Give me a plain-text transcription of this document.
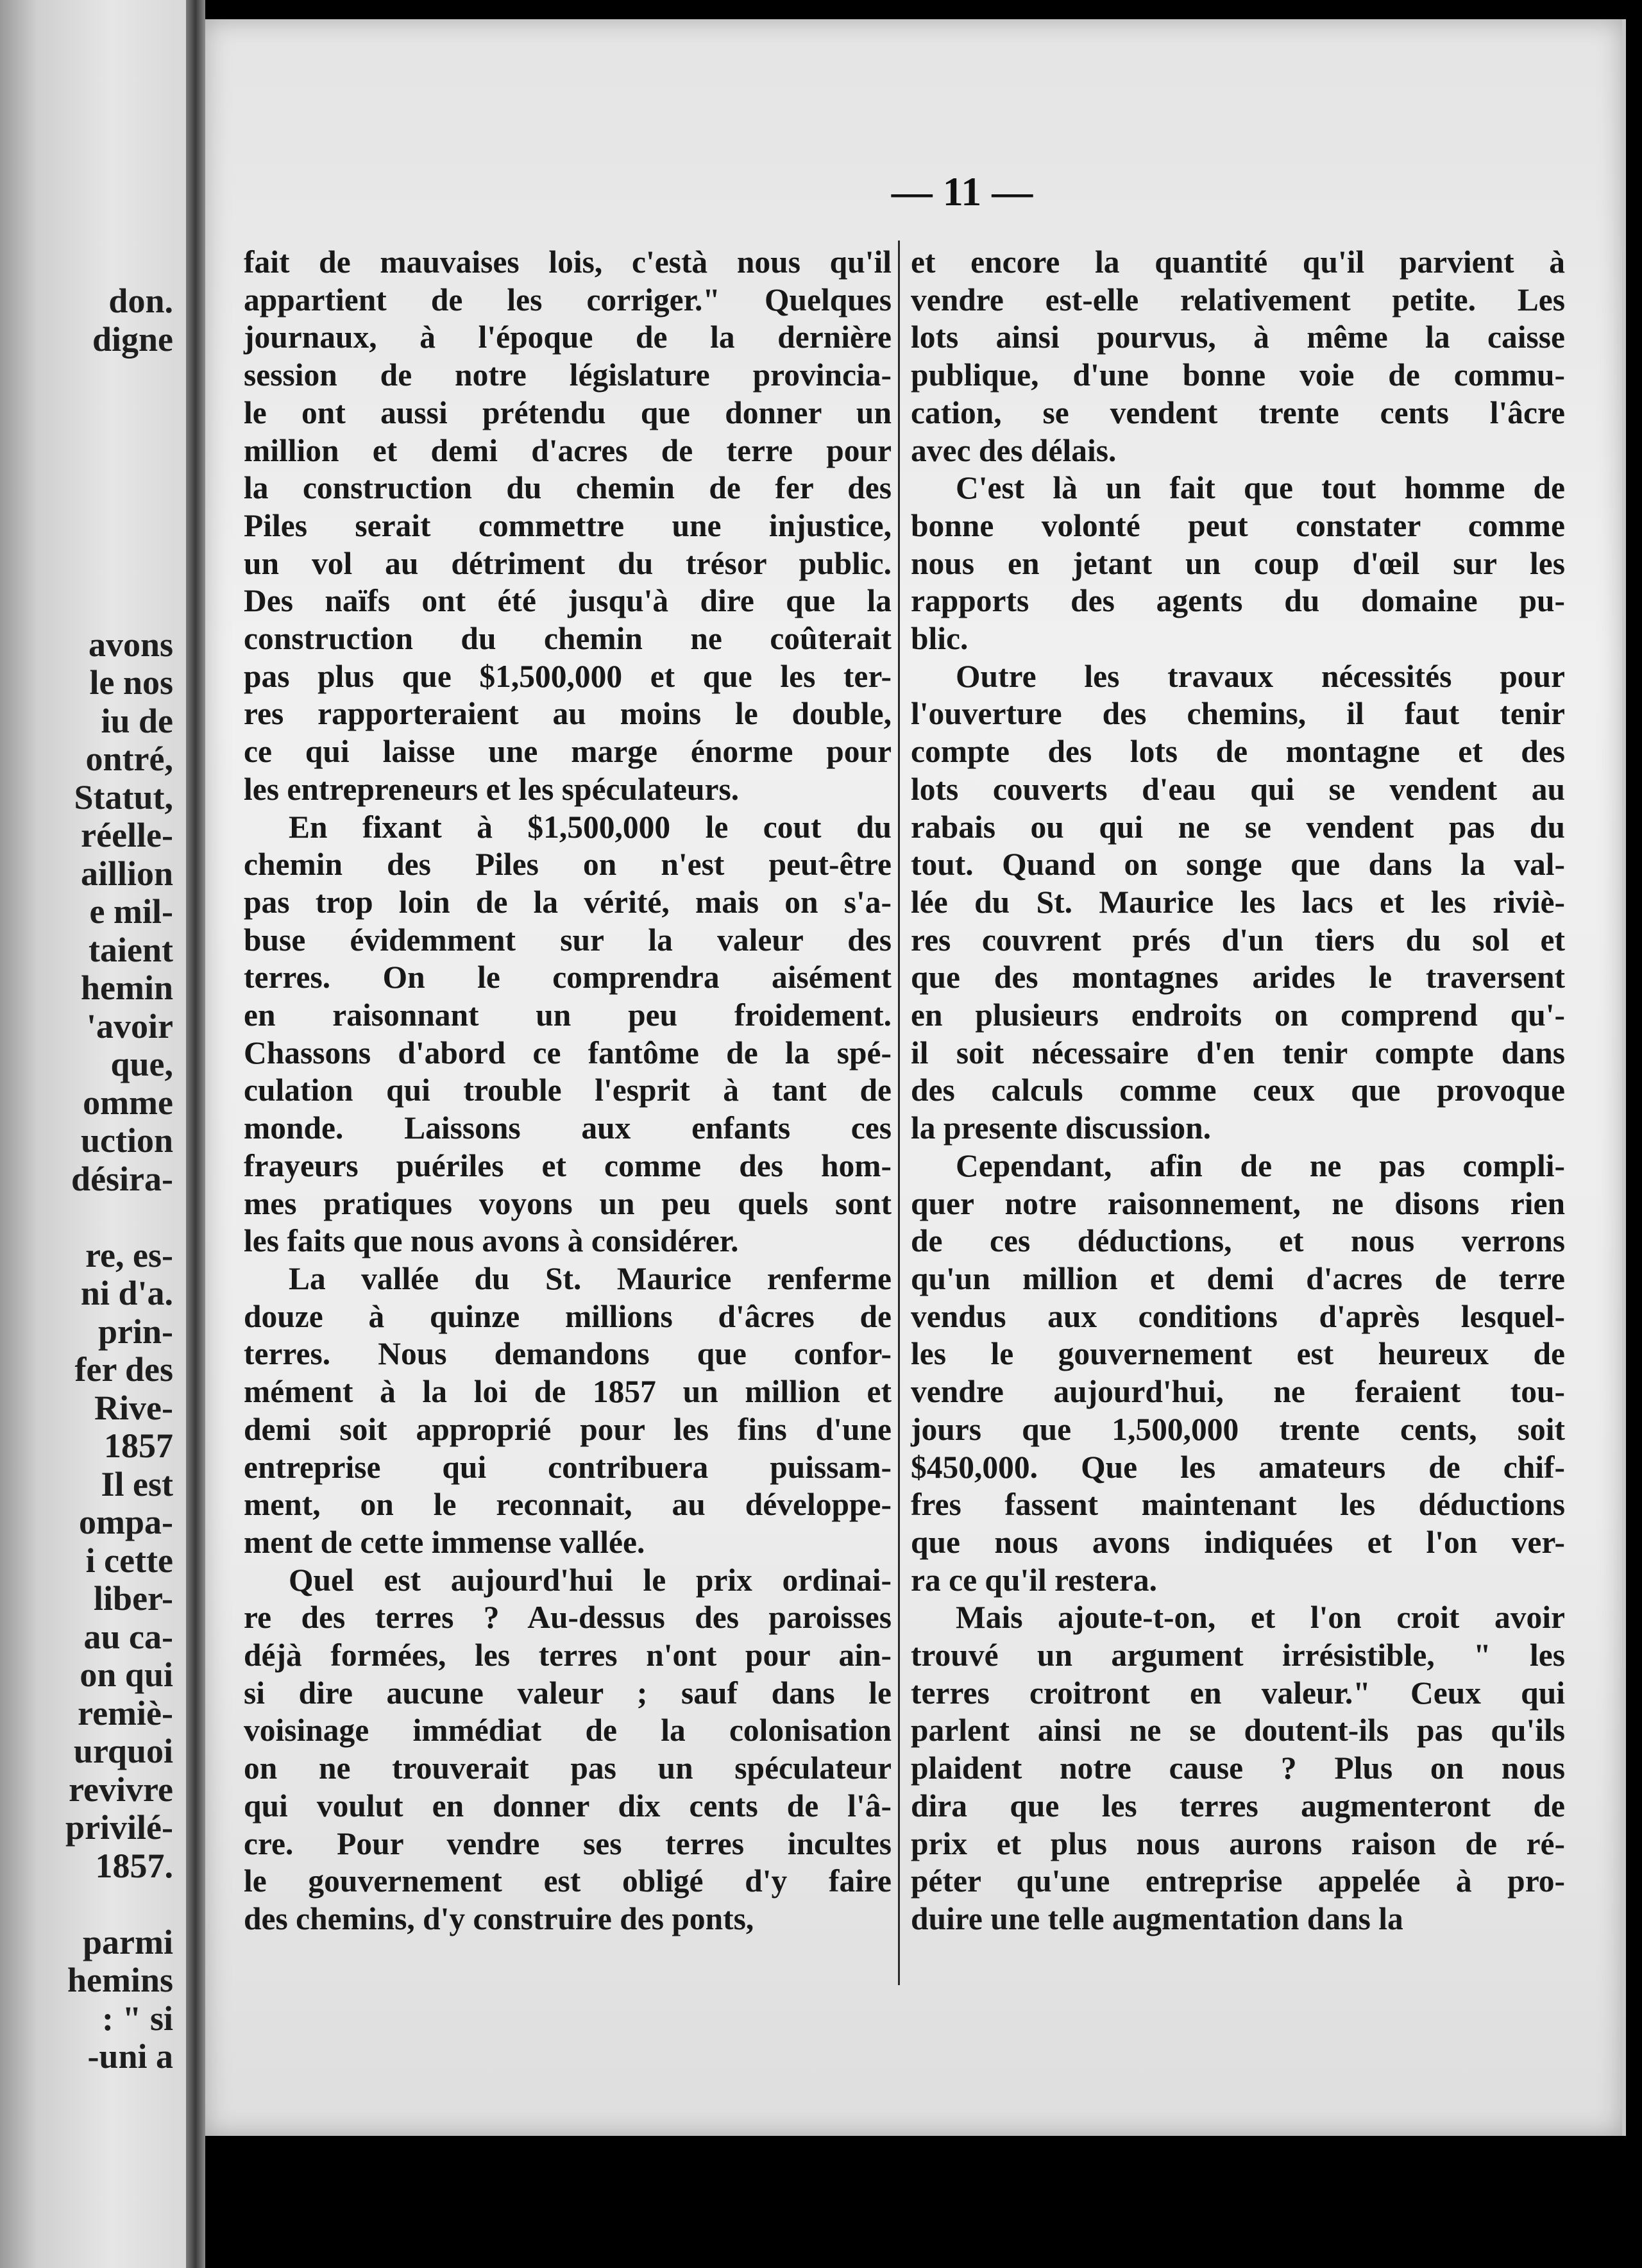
don.
digne

avons
le nos
iu de
ontré,
Statut,
réelle-
aillion
e mil-
taient
hemin
'avoir
que,
omme
uction
désira-

re, es-
ni d'a.
prin-
fer des
Rive-
1857
Il est
ompa-
i cette
liber-
au ca-
on qui
remiè-
urquoi
revivre
privilé-
1857.

parmi
hemins
: " si
-uni a
— 11 —

fait de mauvaises lois, c'està nous qu'il
appartient de les corriger." Quelques
journaux, à l'époque de la dernière
session de notre législature provincia-
le ont aussi prétendu que donner un
million et demi d'acres de terre pour
la construction du chemin de fer des
Piles serait commettre une injustice,
un vol au détriment du trésor public.
Des naïfs ont été jusqu'à dire que la
construction du chemin ne coûterait
pas plus que $1,500,000 et que les ter-
res rapporteraient au moins le double,
ce qui laisse une marge énorme pour
les entrepreneurs et les spéculateurs.

En fixant à $1,500,000 le cout du
chemin des Piles on n'est peut-être
pas trop loin de la vérité, mais on s'a-
buse évidemment sur la valeur des
terres. On le comprendra aisément
en raisonnant un peu froidement.
Chassons d'abord ce fantôme de la spé-
culation qui trouble l'esprit à tant de
monde. Laissons aux enfants ces
frayeurs puériles et comme des hom-
mes pratiques voyons un peu quels sont
les faits que nous avons à considérer.

La vallée du St. Maurice renferme
douze à quinze millions d'âcres de
terres. Nous demandons que confor-
mément à la loi de 1857 un million et
demi soit approprié pour les fins d'une
entreprise qui contribuera puissam-
ment, on le reconnait, au développe-
ment de cette immense vallée.

Quel est aujourd'hui le prix ordinai-
re des terres ? Au-dessus des paroisses
déjà formées, les terres n'ont pour ain-
si dire aucune valeur ; sauf dans le
voisinage immédiat de la colonisation
on ne trouverait pas un spéculateur
qui voulut en donner dix cents de l'â-
cre. Pour vendre ses terres incultes
le gouvernement est obligé d'y faire
des chemins, d'y construire des ponts,

et encore la quantité qu'il parvient à
vendre est-elle relativement petite. Les
lots ainsi pourvus, à même la caisse
publique, d'une bonne voie de commu-
cation, se vendent trente cents l'âcre
avec des délais.

C'est là un fait que tout homme de
bonne volonté peut constater comme
nous en jetant un coup d'œil sur les
rapports des agents du domaine pu-
blic.

Outre les travaux nécessités pour
l'ouverture des chemins, il faut tenir
compte des lots de montagne et des
lots couverts d'eau qui se vendent au
rabais ou qui ne se vendent pas du
tout. Quand on songe que dans la val-
lée du St. Maurice les lacs et les riviè-
res couvrent prés d'un tiers du sol et
que des montagnes arides le traversent
en plusieurs endroits on comprend qu'-
il soit nécessaire d'en tenir compte dans
des calculs comme ceux que provoque
la presente discussion.

Cependant, afin de ne pas compli-
quer notre raisonnement, ne disons rien
de ces déductions, et nous verrons
qu'un million et demi d'acres de terre
vendus aux conditions d'après lesquel-
les le gouvernement est heureux de
vendre aujourd'hui, ne feraient tou-
jours que 1,500,000 trente cents, soit
$450,000. Que les amateurs de chif-
fres fassent maintenant les déductions
que nous avons indiquées et l'on ver-
ra ce qu'il restera.

Mais ajoute-t-on, et l'on croit avoir
trouvé un argument irrésistible, " les
terres croitront en valeur." Ceux qui
parlent ainsi ne se doutent-ils pas qu'ils
plaident notre cause ? Plus on nous
dira que les terres augmenteront de
prix et plus nous aurons raison de ré-
péter qu'une entreprise appelée à pro-
duire une telle augmentation dans la
